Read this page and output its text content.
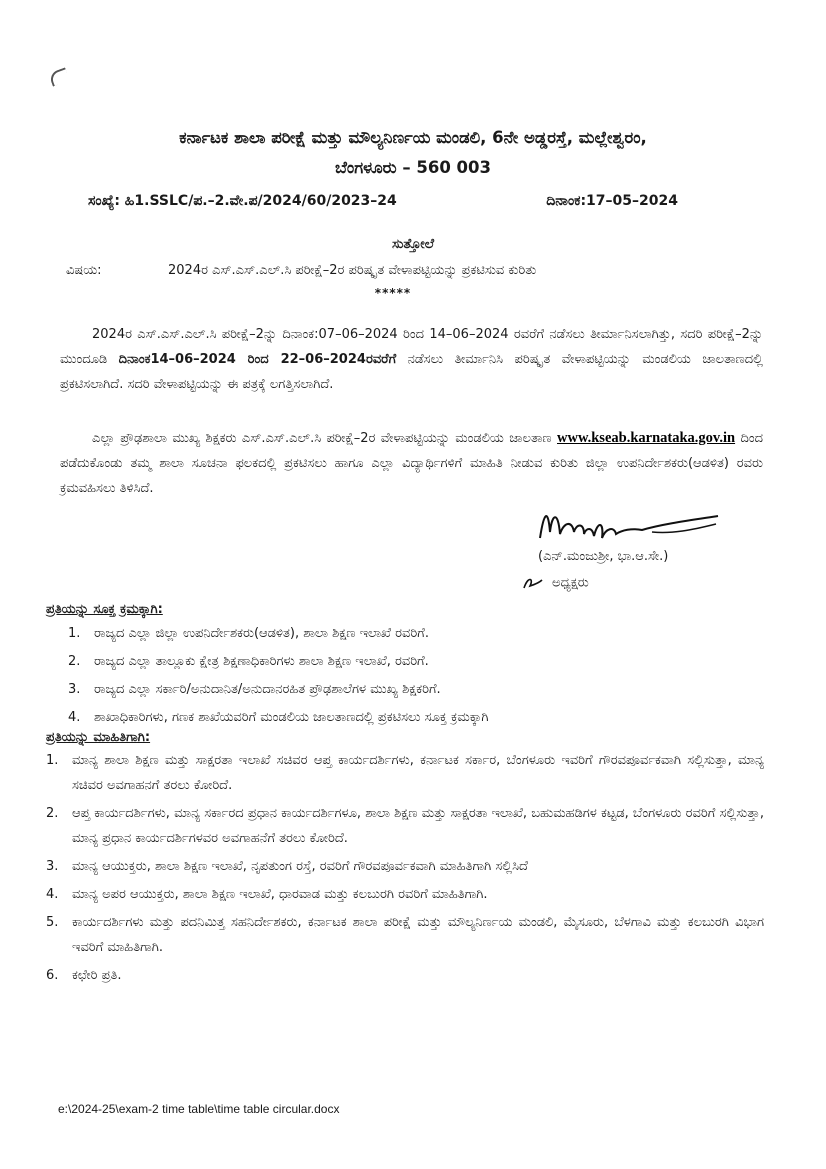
ಕರ್ನಾಟಕ ಶಾಲಾ ಪರೀಕ್ಷೆ ಮತ್ತು ಮೌಲ್ಯನಿರ್ಣಯ ಮಂಡಲಿ, 6ನೇ ಅಡ್ಡರಸ್ತೆ, ಮಲ್ಲೇಶ್ವರಂ,
ಬೆಂಗಳೂರು – 560 003
ಸಂಖ್ಯೆ: ಹಿ1.SSLC/ಪ.–2.ವೇ.ಪ/2024/60/2023–24	ದಿನಾಂಕ:17–05–2024
ಸುತ್ತೋಲೆ
ವಿಷಯ:	2024ರ ಎಸ್.ಎಸ್.ಎಲ್.ಸಿ ಪರೀಕ್ಷೆ–2ರ ಪರಿಷ್ಕೃತ ವೇಳಾಪಟ್ಟಿಯನ್ನು ಪ್ರಕಟಿಸುವ ಕುರಿತು
*****
2024ರ ಎಸ್.ಎಸ್.ಎಲ್.ಸಿ ಪರೀಕ್ಷೆ–2ನ್ನು ದಿನಾಂಕ:07–06–2024 ರಿಂದ 14–06–2024 ರವರೆಗೆ ನಡೆಸಲು ತೀರ್ಮಾನಿಸಲಾಗಿತ್ತು, ಸದರಿ ಪರೀಕ್ಷೆ–2ನ್ನು ಮುಂದೂಡಿ ದಿನಾಂಕ14–06–2024 ರಿಂದ 22–06–2024ರವರೆಗೆ ನಡೆಸಲು ತೀರ್ಮಾನಿಸಿ ಪರಿಷ್ಕೃತ ವೇಳಾಪಟ್ಟಿಯನ್ನು ಮಂಡಲಿಯ ಜಾಲತಾಣದಲ್ಲಿ ಪ್ರಕಟಿಸಲಾಗಿದೆ. ಸದರಿ ವೇಳಾಪಟ್ಟಿಯನ್ನು ಈ ಪತ್ರಕ್ಕೆ ಲಗತ್ತಿಸಲಾಗಿದೆ.
ಎಲ್ಲಾ ಪ್ರೌಢಶಾಲಾ ಮುಖ್ಯ ಶಿಕ್ಷಕರು ಎಸ್.ಎಸ್.ಎಲ್.ಸಿ ಪರೀಕ್ಷೆ–2ರ ವೇಳಾಪಟ್ಟಿಯನ್ನು ಮಂಡಲಿಯ ಜಾಲತಾಣ www.kseab.karnataka.gov.in ದಿಂದ ಪಡೆದುಕೊಂಡು ತಮ್ಮ ಶಾಲಾ ಸೂಚನಾ ಫಲಕದಲ್ಲಿ ಪ್ರಕಟಿಸಲು ಹಾಗೂ ಎಲ್ಲಾ ವಿದ್ಯಾರ್ಥಿಗಳಿಗೆ ಮಾಹಿತಿ ನೀಡುವ ಕುರಿತು ಜಿಲ್ಲಾ ಉಪನಿರ್ದೇಶಕರು(ಆಡಳಿತ) ರವರು ಕ್ರಮವಹಿಸಲು ತಿಳಿಸಿದೆ.
(ಎನ್.ಮಂಜುಶ್ರೀ, ಭಾ.ಆ.ಸೇ.)
ಅಧ್ಯಕ್ಷರು
ಪ್ರತಿಯನ್ನು ಸೂಕ್ತ ಕ್ರಮಕ್ಕಾಗಿ:
1. ರಾಜ್ಯದ ಎಲ್ಲಾ ಜಿಲ್ಲಾ ಉಪನಿರ್ದೇಶಕರು(ಆಡಳಿತ), ಶಾಲಾ ಶಿಕ್ಷಣ ಇಲಾಖೆ ರವರಿಗೆ.
2. ರಾಜ್ಯದ ಎಲ್ಲಾ ತಾಲ್ಲೂಕು ಕ್ಷೇತ್ರ ಶಿಕ್ಷಣಾಧಿಕಾರಿಗಳು ಶಾಲಾ ಶಿಕ್ಷಣ ಇಲಾಖೆ, ರವರಿಗೆ.
3. ರಾಜ್ಯದ ಎಲ್ಲಾ ಸರ್ಕಾರಿ/ಅನುದಾನಿತ/ಅನುದಾನರಹಿತ ಪ್ರೌಢಶಾಲೆಗಳ ಮುಖ್ಯ ಶಿಕ್ಷಕರಿಗೆ.
4. ಶಾಖಾಧಿಕಾರಿಗಳು, ಗಣಕ ಶಾಖೆಯವರಿಗೆ ಮಂಡಲಿಯ ಜಾಲತಾಣದಲ್ಲಿ ಪ್ರಕಟಿಸಲು ಸೂಕ್ತ ಕ್ರಮಕ್ಕಾಗಿ
ಪ್ರತಿಯನ್ನು ಮಾಹಿತಿಗಾಗಿ:
1.	ಮಾನ್ಯ ಶಾಲಾ ಶಿಕ್ಷಣ ಮತ್ತು ಸಾಕ್ಷರತಾ ಇಲಾಖೆ ಸಚಿವರ ಆಪ್ತ ಕಾರ್ಯದರ್ಶಿಗಳು, ಕರ್ನಾಟಕ ಸರ್ಕಾರ, ಬೆಂಗಳೂರು ಇವರಿಗೆ ಗೌರವಪೂರ್ವಕವಾಗಿ ಸಲ್ಲಿಸುತ್ತಾ, ಮಾನ್ಯ ಸಚಿವರ ಅವಗಾಹನಗೆ ತರಲು ಕೋರಿದೆ.
2.	ಆಪ್ತ ಕಾರ್ಯದರ್ಶಿಗಳು, ಮಾನ್ಯ ಸರ್ಕಾರದ ಪ್ರಧಾನ ಕಾರ್ಯದರ್ಶಿಗಳೂ, ಶಾಲಾ ಶಿಕ್ಷಣ ಮತ್ತು ಸಾಕ್ಷರತಾ ಇಲಾಖೆ, ಬಹುಮಹಡಿಗಳ ಕಟ್ಟಡ, ಬೆಂಗಳೂರು ರವರಿಗೆ ಸಲ್ಲಿಸುತ್ತಾ, ಮಾನ್ಯ ಪ್ರಧಾನ ಕಾರ್ಯದರ್ಶಿಗಳವರ ಅವಗಾಹನೆಗೆ ತರಲು ಕೋರಿದೆ.
3.	ಮಾನ್ಯ ಆಯುಕ್ತರು, ಶಾಲಾ ಶಿಕ್ಷಣ ಇಲಾಖೆ, ನೃಪತುಂಗ ರಸ್ತೆ, ರವರಿಗೆ ಗೌರವಪೂರ್ವಕವಾಗಿ ಮಾಹಿತಿಗಾಗಿ ಸಲ್ಲಿಸಿದೆ
4.	ಮಾನ್ಯ ಅಪರ ಆಯುಕ್ತರು, ಶಾಲಾ ಶಿಕ್ಷಣ ಇಲಾಖೆ, ಧಾರವಾಡ ಮತ್ತು ಕಲಬುರಗಿ ರವರಿಗೆ ಮಾಹಿತಿಗಾಗಿ.
5.	ಕಾರ್ಯದರ್ಶಿಗಳು ಮತ್ತು ಪದನಿಮಿತ್ತ ಸಹನಿರ್ದೇಶಕರು, ಕರ್ನಾಟಕ ಶಾಲಾ ಪರೀಕ್ಷೆ ಮತ್ತು ಮೌಲ್ಯನಿರ್ಣಯ ಮಂಡಲಿ, ಮೈಸೂರು, ಬೆಳಗಾವಿ ಮತ್ತು ಕಲಬುರಗಿ ವಿಭಾಗ ಇವರಿಗೆ ಮಾಹಿತಿಗಾಗಿ.
6.	ಕಛೇರಿ ಪ್ರತಿ.
e:\2024-25\exam-2 time table\time table circular.docx
